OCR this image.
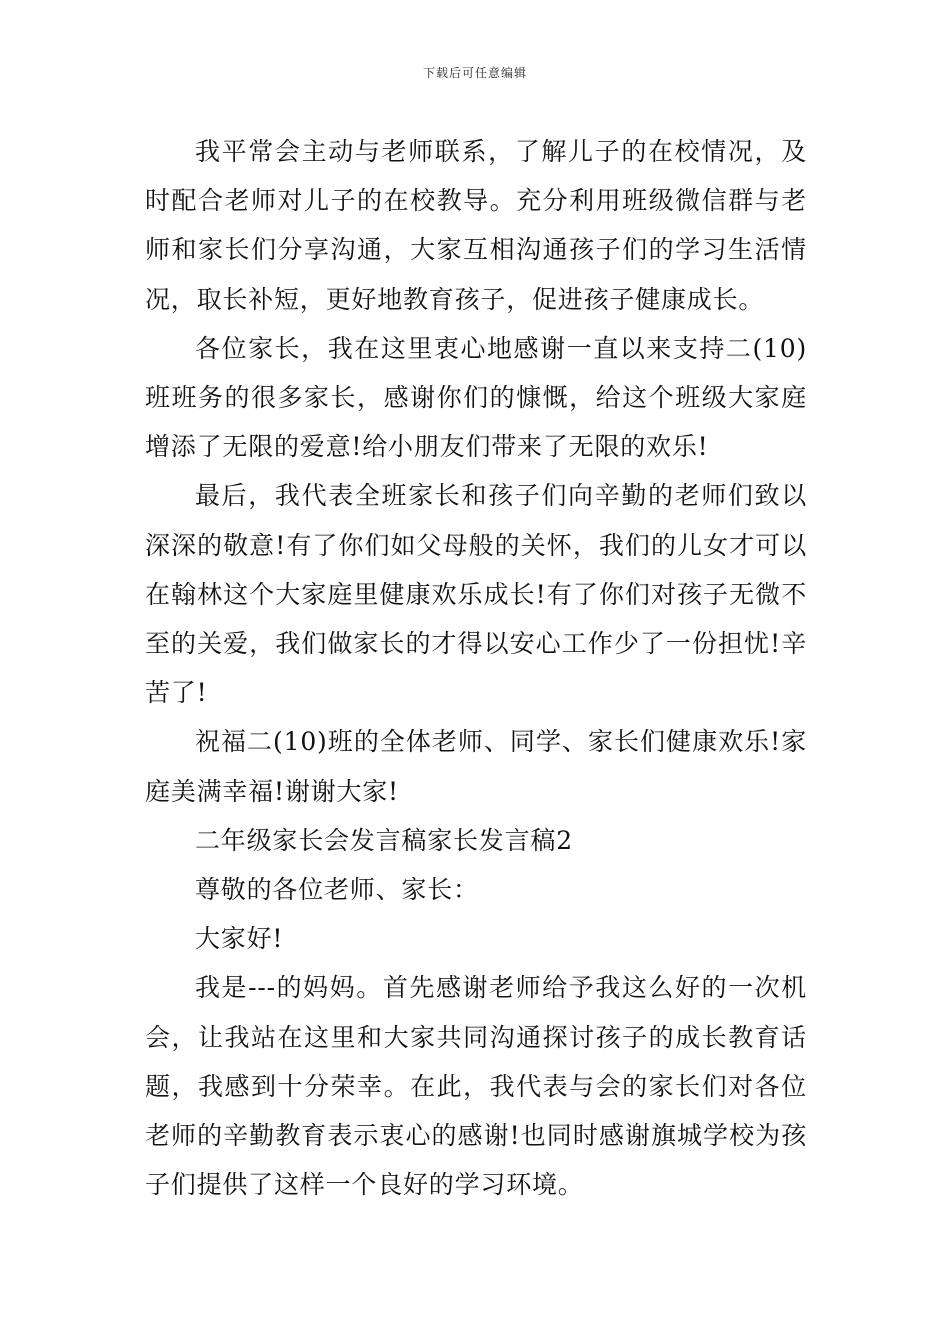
下载后可任意编辑

我平常会主动与老师联系，了解儿子的在校情况，及时配合老师对儿子的在校教导。充分利用班级微信群与老师和家长们分享沟通，大家互相沟通孩子们的学习生活情况，取长补短，更好地教育孩子，促进孩子健康成长。

各位家长，我在这里衷心地感谢一直以来支持二(10)班班务的很多家长，感谢你们的慷慨，给这个班级大家庭增添了无限的爱意!给小朋友们带来了无限的欢乐!

最后，我代表全班家长和孩子们向辛勤的老师们致以深深的敬意!有了你们如父母般的关怀，我们的儿女才可以在翰林这个大家庭里健康欢乐成长!有了你们对孩子无微不至的关爱，我们做家长的才得以安心工作少了一份担忧!辛苦了!

祝福二(10)班的全体老师、同学、家长们健康欢乐!家庭美满幸福!谢谢大家!

二年级家长会发言稿家长发言稿2

尊敬的各位老师、家长：

大家好!

我是---的妈妈。首先感谢老师给予我这么好的一次机会，让我站在这里和大家共同沟通探讨孩子的成长教育话题，我感到十分荣幸。在此，我代表与会的家长们对各位老师的辛勤教育表示衷心的感谢!也同时感谢旗城学校为孩子们提供了这样一个良好的学习环境。
